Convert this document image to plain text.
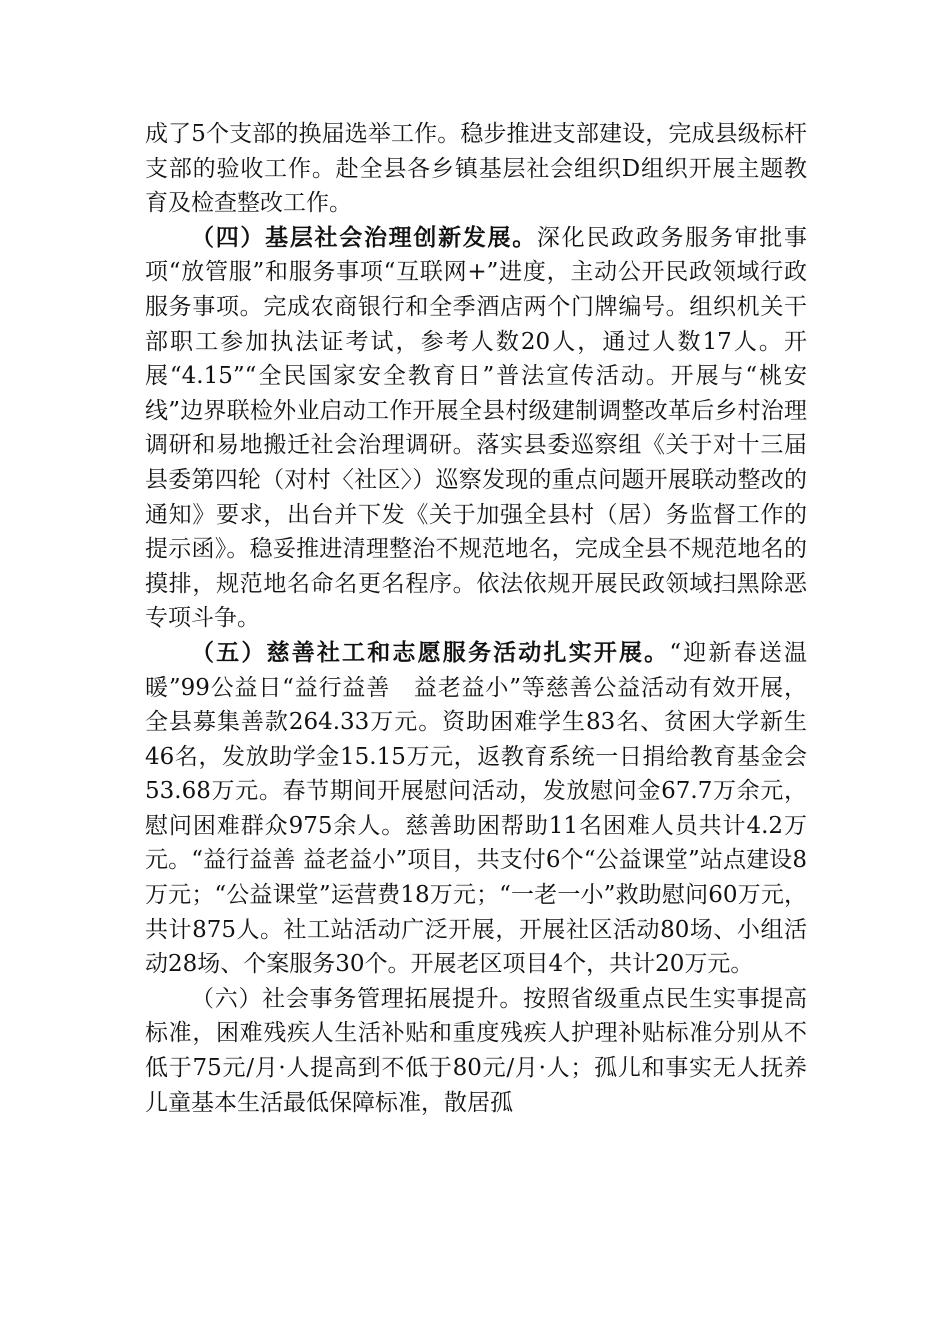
成了5个支部的换届选举工作。稳步推进支部建设，完成县级标杆支部的验收工作。赴全县各乡镇基层社会组织D组织开展主题教育及检查整改工作。

（四）基层社会治理创新发展。深化民政政务服务审批事项“放管服”和服务事项“互联网+”进度，主动公开民政领域行政服务事项。完成农商银行和全季酒店两个门牌编号。组织机关干部职工参加执法证考试，参考人数20人，通过人数17人。开展“4.15”“全民国家安全教育日”普法宣传活动。开展与“桃安线”边界联检外业启动工作开展全县村级建制调整改革后乡村治理调研和易地搬迁社会治理调研。落实县委巡察组《关于对十三届县委第四轮（对村〈社区〉）巡察发现的重点问题开展联动整改的通知》要求，出台并下发《关于加强全县村（居）务监督工作的提示函》。稳妥推进清理整治不规范地名，完成全县不规范地名的摸排，规范地名命名更名程序。依法依规开展民政领域扫黑除恶专项斗争。

（五）慈善社工和志愿服务活动扎实开展。“迎新春送温暖”99公益日“益行益善　益老益小”等慈善公益活动有效开展，全县募集善款264.33万元。资助困难学生83名、贫困大学新生46名，发放助学金15.15万元，返教育系统一日捐给教育基金会53.68万元。春节期间开展慰问活动，发放慰问金67.7万余元，慰问困难群众975余人。慈善助困帮助11名困难人员共计4.2万元。“益行益善 益老益小”项目，共支付6个“公益课堂”站点建设8万元；“公益课堂”运营费18万元；“一老一小”救助慰问60万元，共计875人。社工站活动广泛开展，开展社区活动80场、小组活动28场、个案服务30个。开展老区项目4个，共计20万元。

（六）社会事务管理拓展提升。按照省级重点民生实事提高标准，困难残疾人生活补贴和重度残疾人护理补贴标准分别从不低于75元/月·人提高到不低于80元/月·人；孤儿和事实无人抚养儿童基本生活最低保障标准，散居孤
